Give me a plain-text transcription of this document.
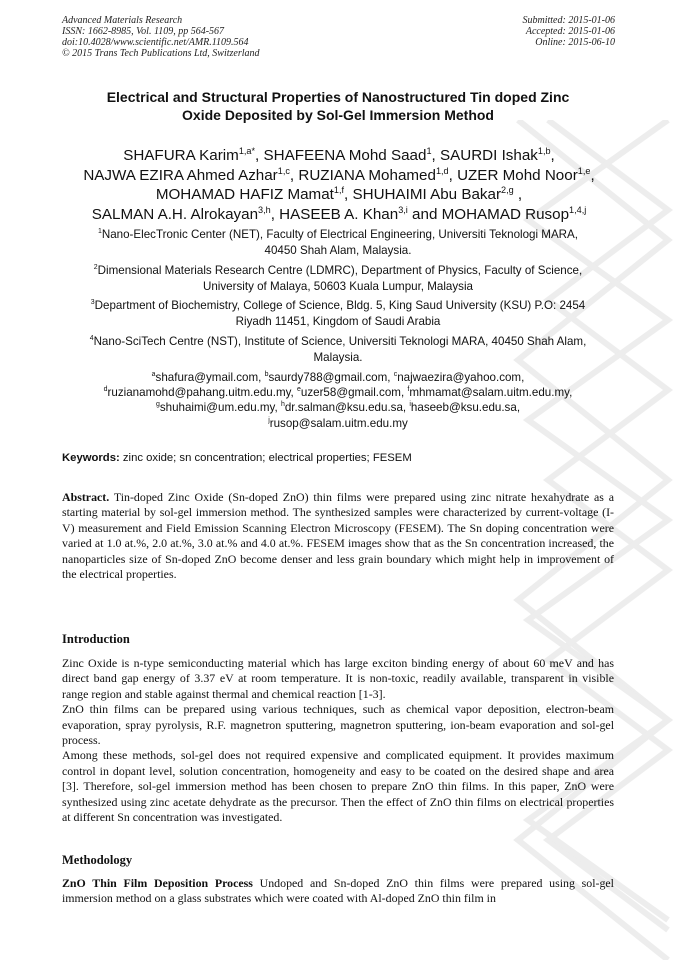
Advanced Materials Research
ISSN: 1662-8985, Vol. 1109, pp 564-567
doi:10.4028/www.scientific.net/AMR.1109.564
© 2015 Trans Tech Publications Ltd, Switzerland
Submitted: 2015-01-06
Accepted: 2015-01-06
Online: 2015-06-10
Electrical and Structural Properties of Nanostructured Tin doped Zinc
Oxide Deposited by Sol-Gel Immersion Method
SHAFURA Karim$^{1,a*}$, SHAFEENA Mohd Saad$^1$, SAURDI Ishak$^{1,b}$,
NAJWA EZIRA Ahmed Azhar$^{1,c}$, RUZIANA Mohamed$^{1,d}$, UZER Mohd Noor$^{1,e}$,
MOHAMAD HAFIZ Mamat$^{1,f}$, SHUHAIMI Abu Bakar$^{2,g}$ ,
SALMAN A.H. Alrokayan$^{3,h}$, HASEEB A. Khan$^{3,i}$ and MOHAMAD Rusop$^{1,4,j}$
$^1$Nano-ElecTronic Center (NET), Faculty of Electrical Engineering, Universiti Teknologi MARA,
40450 Shah Alam, Malaysia.
$^2$Dimensional Materials Research Centre (LDMRC), Department of Physics, Faculty of Science,
University of Malaya, 50603 Kuala Lumpur, Malaysia
$^3$Department of Biochemistry, College of Science, Bldg. 5, King Saud University (KSU) P.O: 2454
Riyadh 11451, Kingdom of Saudi Arabia
$^4$Nano-SciTech Centre (NST), Institute of Science, Universiti Teknologi MARA, 40450 Shah Alam,
Malaysia.
$^a$shafura@ymail.com, $^b$saurdy788@gmail.com, $^c$najwaezira@yahoo.com,
$^d$ruzianamohd@pahang.uitm.edu.my, $^e$uzer58@gmail.com, $^f$mhmamat@salam.uitm.edu.my,
$^g$shuhaimi@um.edu.my, $^h$dr.salman@ksu.edu.sa, $^i$haseeb@ksu.edu.sa,
$^j$rusop@salam.uitm.edu.my
Keywords: zinc oxide; sn concentration; electrical properties; FESEM

Abstract. Tin-doped Zinc Oxide (Sn-doped ZnO) thin films were prepared using zinc nitrate hexahydrate as a starting material by sol-gel immersion method. The synthesized samples were characterized by current-voltage (I-V) measurement and Field Emission Scanning Electron Microscopy (FESEM). The Sn doping concentration were varied at 1.0 at.%, 2.0 at.%, 3.0 at.% and 4.0 at.%. FESEM images show that as the Sn concentration increased, the nanoparticles size of Sn-doped ZnO become denser and less grain boundary which might help in improvement of the electrical properties.

Introduction

Zinc Oxide is n-type semiconducting material which has large exciton binding energy of about 60 meV and has direct band gap energy of 3.37 eV at room temperature. It is non-toxic, readily available, transparent in visible range region and stable against thermal and chemical reaction [1-3].

ZnO thin films can be prepared using various techniques, such as chemical vapor deposition, electron-beam evaporation, spray pyrolysis, R.F. magnetron sputtering, magnetron sputtering, ion-beam evaporation and sol-gel process.

Among these methods, sol-gel does not required expensive and complicated equipment. It provides maximum control in dopant level, solution concentration, homogeneity and easy to be coated on the desired shape and area [3]. Therefore, sol-gel immersion method has been chosen to prepare ZnO thin films. In this paper, ZnO were synthesized using zinc acetate dehydrate as the precursor. Then the effect of ZnO thin films on electrical properties at different Sn concentration was investigated.

Methodology

ZnO Thin Film Deposition Process Undoped and Sn-doped ZnO thin films were prepared using sol-gel immersion method on a glass substrates which were coated with Al-doped ZnO thin film in
